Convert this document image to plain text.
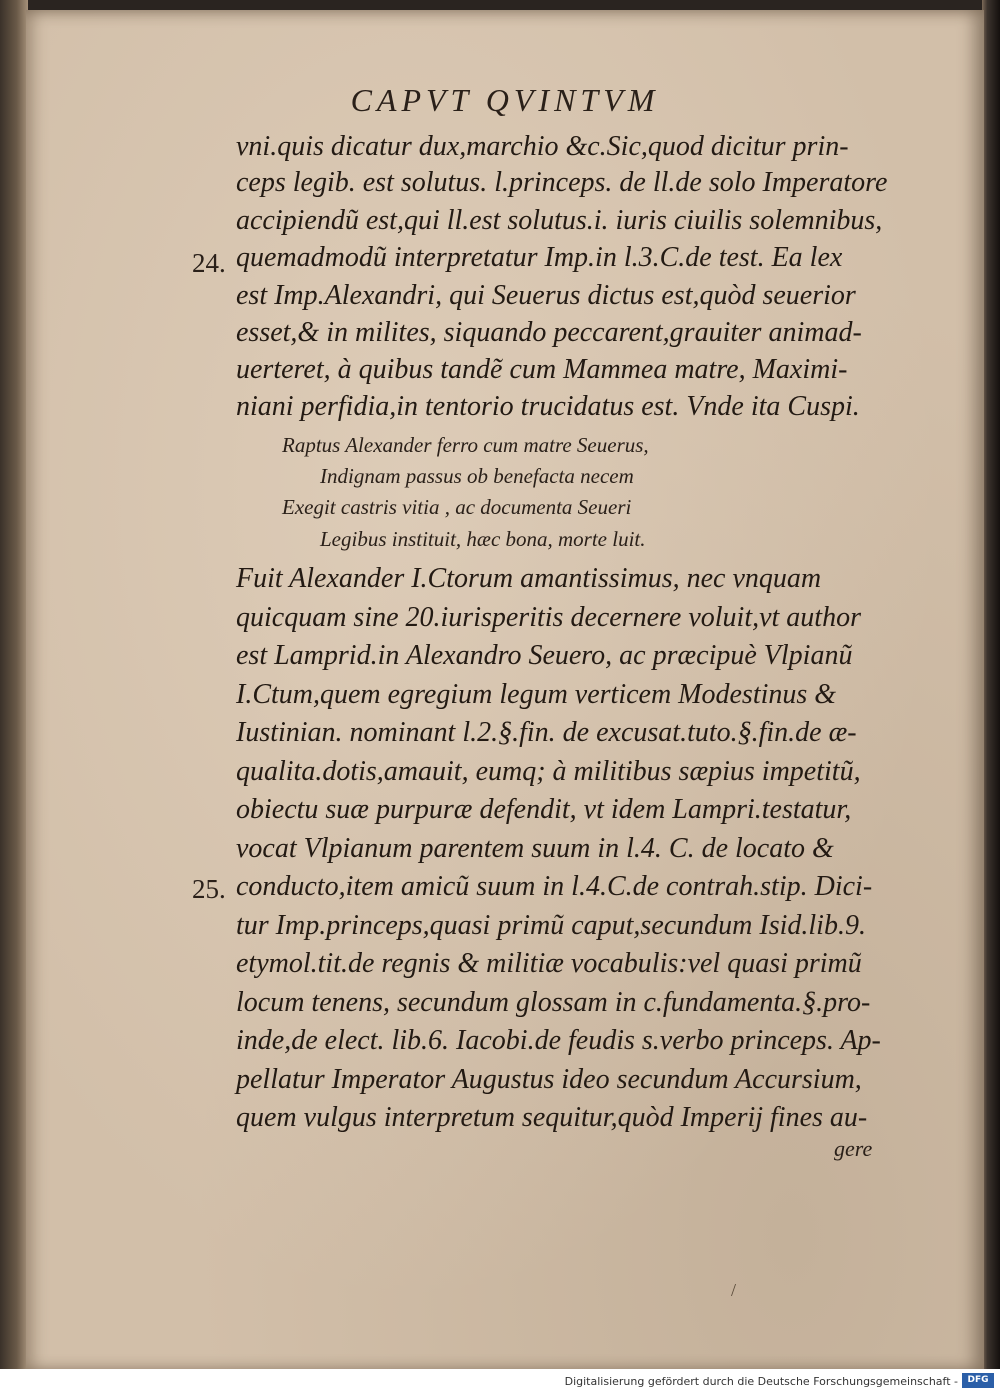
CAPVT QVINTVM
24.
25.
vni.quis dicatur dux,marchio &c.Sic,quod dicitur prin-
ceps legib. est solutus. l.princeps. de ll.de solo Imperatore
accipiendũ est,qui ll.est solutus.i. iuris ciuilis solemnibus,
quemadmodũ interpretatur Imp.in l.3.C.de test. Ea lex
est Imp.Alexandri, qui Seuerus dictus est,quòd seuerior
esset,& in milites, siquando peccarent,grauiter animad-
uerteret, à quibus tandẽ cum Mammea matre, Maximi-
niani perfidia,in tentorio trucidatus est. Vnde ita Cuspi.
Raptus Alexander ferro cum matre Seuerus,
Indignam passus ob benefacta necem
Exegit castris vitia , ac documenta Seueri
Legibus instituit, hæc bona, morte luit.
Fuit Alexander I.Ctorum amantissimus, nec vnquam
quicquam sine 20.iurisperitis decernere voluit,vt author
est Lamprid.in Alexandro Seuero, ac præcipuè Vlpianũ
I.Ctum,quem egregium legum verticem Modestinus &
Iustinian. nominant l.2.§.fin. de excusat.tuto.§.fin.de æ-
qualita.dotis,amauit, eumq; à militibus sæpius impetitũ,
obiectu suæ purpuræ defendit, vt idem Lampri.testatur,
vocat Vlpianum parentem suum in l.4. C. de locato &
conducto,item amicũ suum in l.4.C.de contrah.stip. Dici-
tur Imp.princeps,quasi primũ caput,secundum Isid.lib.9.
etymol.tit.de regnis & militiæ vocabulis:vel quasi primũ
locum tenens, secundum glossam in c.fundamenta.§.pro-
inde,de elect. lib.6. Iacobi.de feudis s.verbo princeps. Ap-
pellatur Imperator Augustus ideo secundum Accursium,
quem vulgus interpretum sequitur,quòd Imperij fines au-
gere
/
Digitalisierung gefördert durch die Deutsche Forschungsgemeinschaft -	DFG
